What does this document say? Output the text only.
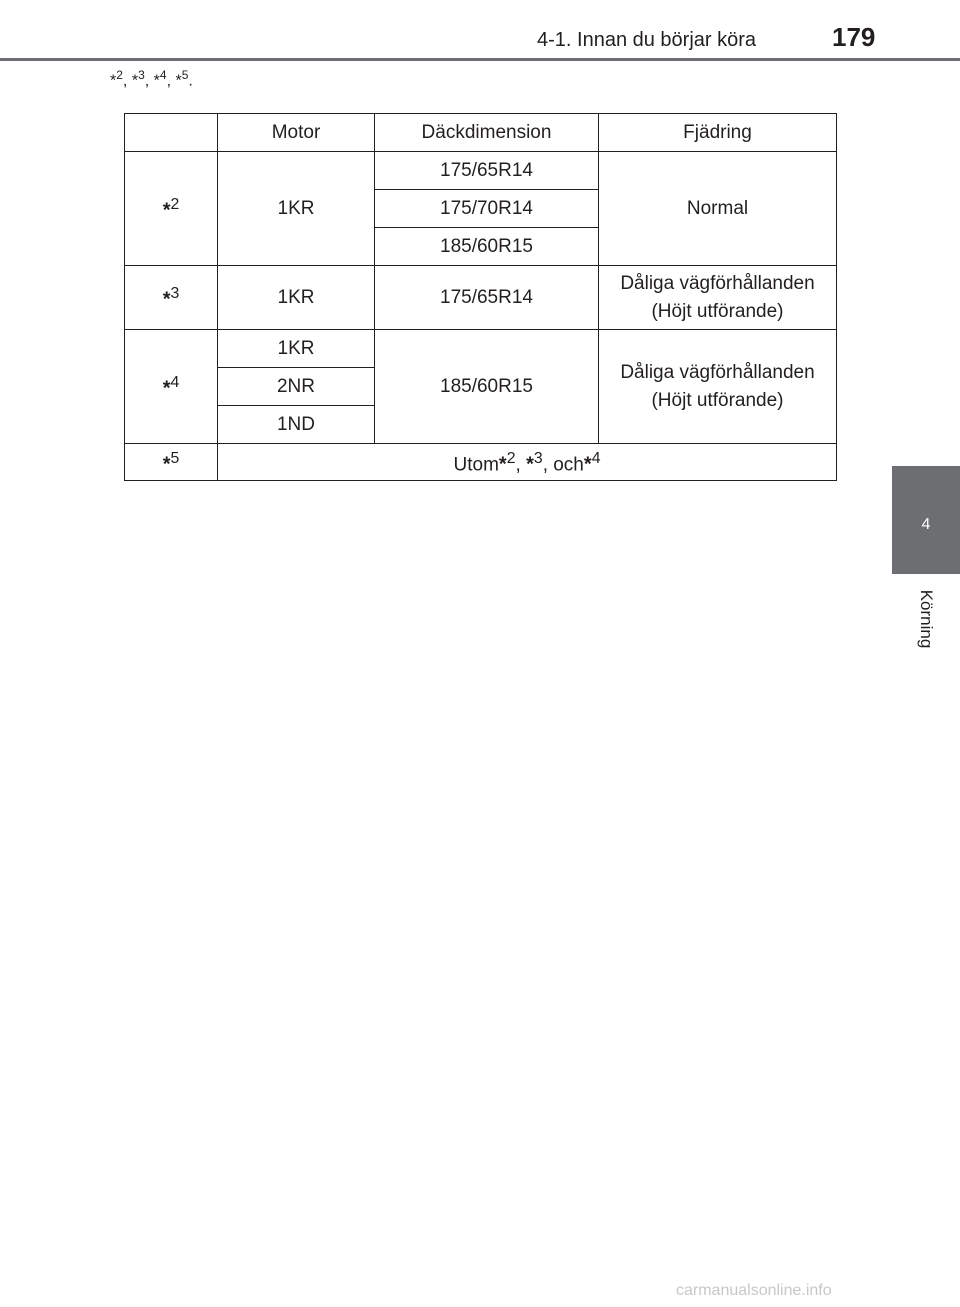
4-1. Innan du börjar köra	179
4
Körning
*$^2$, *$^3$, *$^4$, *$^5$.
	Motor	Däckdimension	Fjädring
*$^2$	1KR	175/65R14	Normal
		175/70R14	
		185/60R15	
*$^3$	1KR	175/65R14	Dåliga vägförhållanden
(Höjt utförande)

*$^4$	1KR	185/60R15	Dåliga vägförhållanden
(Höjt utförande)

	2NR		
	1ND		
*$^5$	Utom*$^2$, *$^3$, och*$^4$
carmanualsonline.info
